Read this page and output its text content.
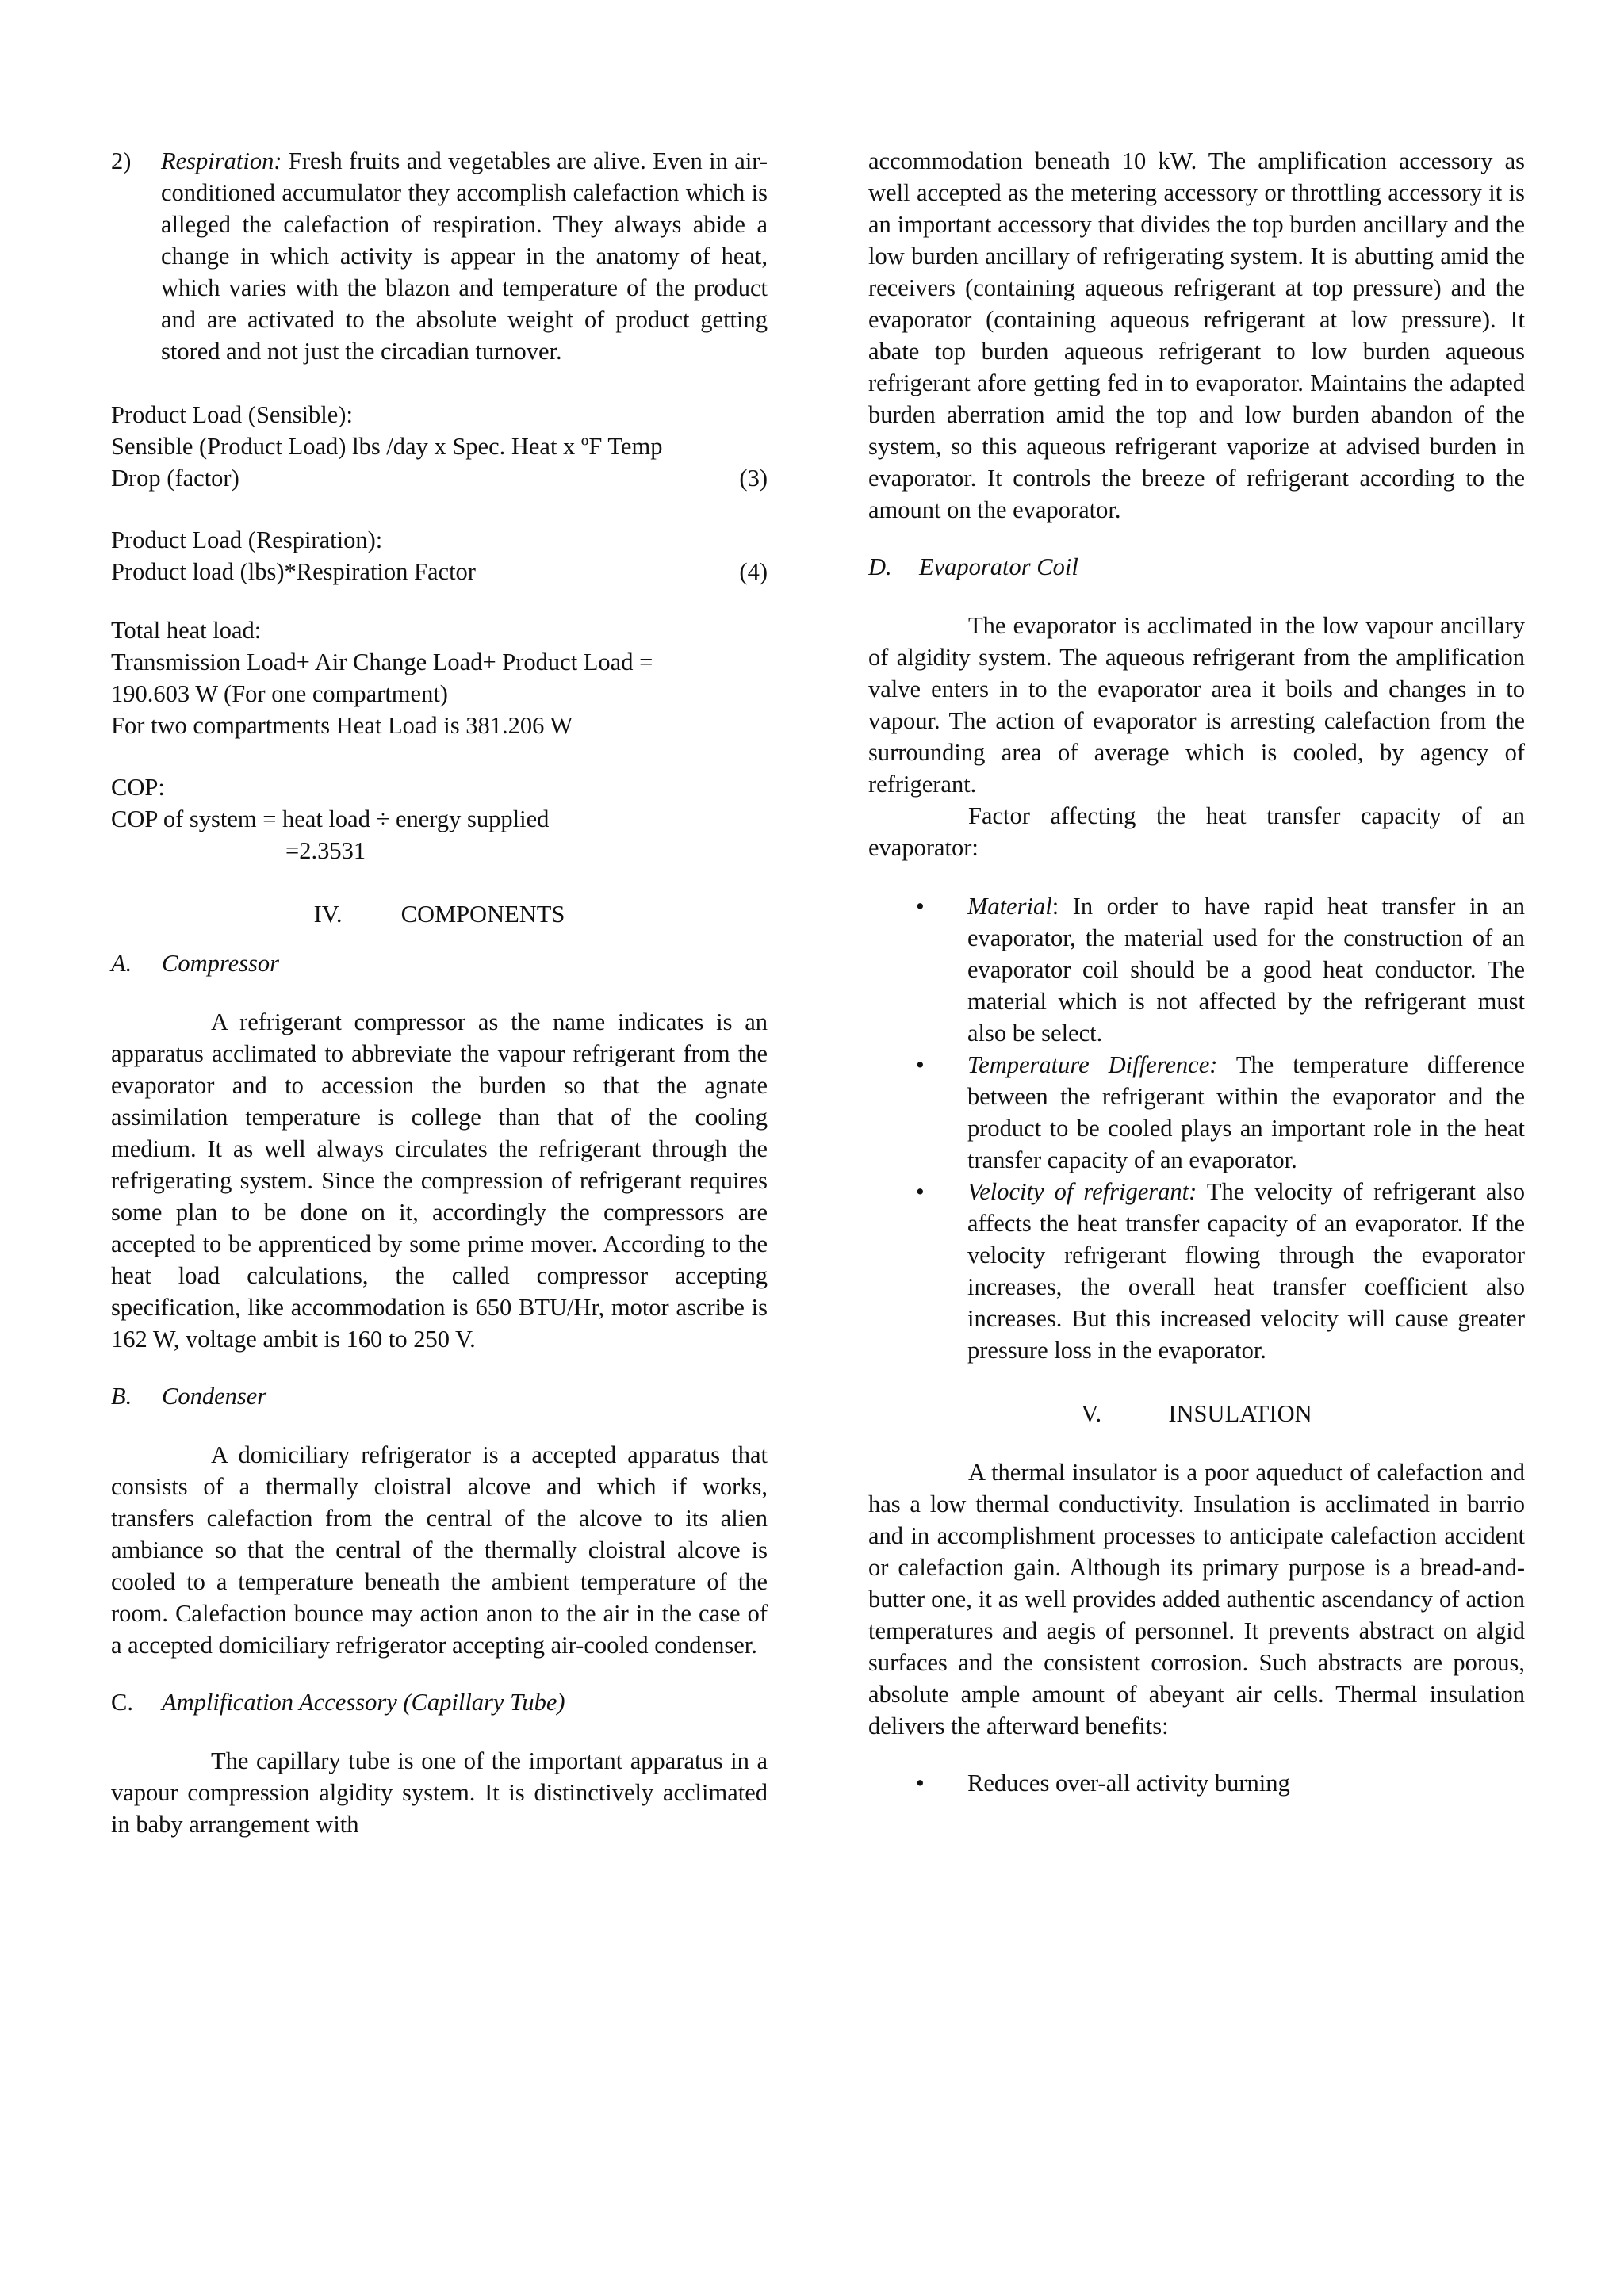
2)	Respiration: Fresh fruits and vegetables are alive. Even in air-conditioned accumulator they accomplish calefaction which is alleged the calefaction of respiration. They always abide a change in which activity is appear in the anatomy of heat, which varies with the blazon and temperature of the product and are activated to the absolute weight of product getting stored and not just the circadian turnover.

Product Load (Sensible):

Sensible (Product Load) lbs /day x Spec. Heat x ºF Temp

Drop (factor)	(3)

Product Load (Respiration):

Product load (lbs)*Respiration Factor	(4)

Total heat load:

Transmission Load+ Air Change Load+ Product Load =

190.603 W (For one compartment)

For two compartments Heat Load is 381.206 W

COP:

COP of system = heat load ÷ energy supplied

=2.3531

IV. COMPONENTS

A.	Compressor

A refrigerant compressor as the name indicates is an apparatus acclimated to abbreviate the vapour refrigerant from the evaporator and to accession the burden so that the agnate assimilation temperature is college than that of the cooling medium. It as well always circulates the refrigerant through the refrigerating system. Since the compression of refrigerant requires some plan to be done on it, accordingly the compressors are accepted to be apprenticed by some prime mover. According to the heat load calculations, the called compressor accepting specification, like accommodation is 650 BTU/Hr, motor ascribe is 162 W, voltage ambit is 160 to 250 V.

B.	Condenser

A domiciliary refrigerator is a accepted apparatus that consists of a thermally cloistral alcove and which if works, transfers calefaction from the central of the alcove to its alien ambiance so that the central of the thermally cloistral alcove is cooled to a temperature beneath the ambient temperature of the room. Calefaction bounce may action anon to the air in the case of a accepted domiciliary refrigerator accepting air-cooled condenser.

C.	Amplification Accessory (Capillary Tube)

The capillary tube is one of the important apparatus in a vapour compression algidity system. It is distinctively acclimated in baby arrangement with

accommodation beneath 10 kW. The amplification accessory as well accepted as the metering accessory or throttling accessory it is an important accessory that divides the top burden ancillary and the low burden ancillary of refrigerating system. It is abutting amid the receivers (containing aqueous refrigerant at top pressure) and the evaporator (containing aqueous refrigerant at low pressure). It abate top burden aqueous refrigerant to low burden aqueous refrigerant afore getting fed in to evaporator. Maintains the adapted burden aberration amid the top and low burden abandon of the system, so this aqueous refrigerant vaporize at advised burden in evaporator. It controls the breeze of refrigerant according to the amount on the evaporator.

D.	Evaporator Coil

The evaporator is acclimated in the low vapour ancillary of algidity system. The aqueous refrigerant from the amplification valve enters in to the evaporator area it boils and changes in to vapour. The action of evaporator is arresting calefaction from the surrounding area of average which is cooled, by agency of refrigerant.

Factor affecting the heat transfer capacity of an evaporator:

•	Material: In order to have rapid heat transfer in an evaporator, the material used for the construction of an evaporator coil should be a good heat conductor. The material which is not affected by the refrigerant must also be select.
•	Temperature Difference: The temperature difference between the refrigerant within the evaporator and the product to be cooled plays an important role in the heat transfer capacity of an evaporator.
•	Velocity of refrigerant: The velocity of refrigerant also affects the heat transfer capacity of an evaporator. If the velocity refrigerant flowing through the evaporator increases, the overall heat transfer coefficient also increases. But this increased velocity will cause greater pressure loss in the evaporator.

V.	INSULATION

A thermal insulator is a poor aqueduct of calefaction and has a low thermal conductivity. Insulation is acclimated in barrio and in accomplishment processes to anticipate calefaction accident or calefaction gain. Although its primary purpose is a bread-and-butter one, it as well provides added authentic ascendancy of action temperatures and aegis of personnel. It prevents abstract on algid surfaces and the consistent corrosion. Such abstracts are porous, absolute ample amount of abeyant air cells. Thermal insulation delivers the afterward benefits:

•	Reduces over-all activity burning
